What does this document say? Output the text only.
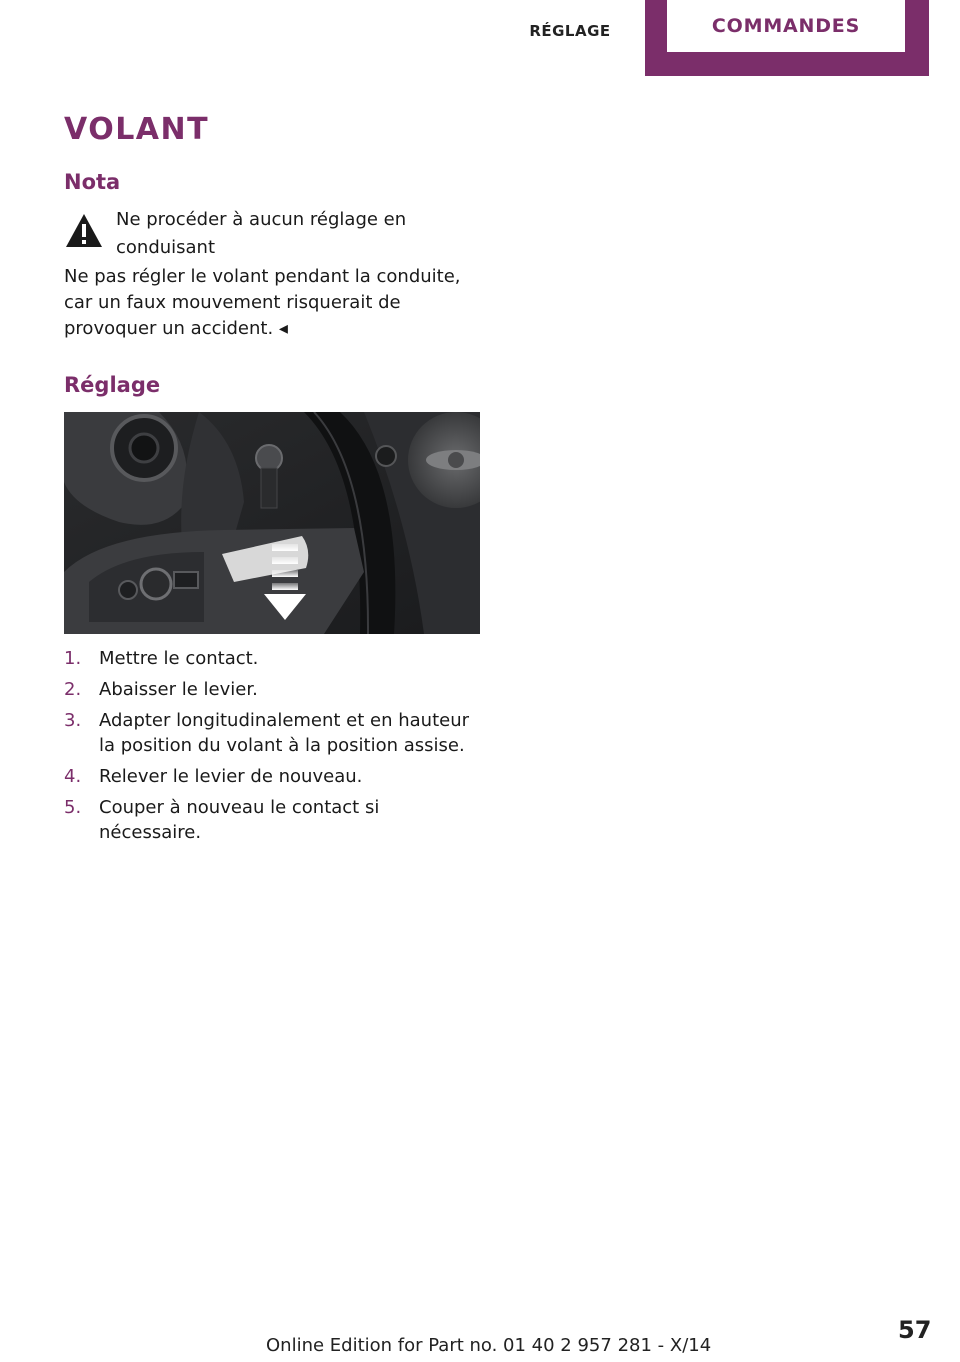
RÉGLAGE	COMMANDES
VOLANT
Nota
Ne procéder à aucun réglage en conduisant
Ne pas régler le volant pendant la conduite, car un faux mouvement risquerait de provoquer un accident. ◂
Réglage
1. Mettre le contact.
2. Abaisser le levier.
3. Adapter longitudinalement et en hauteur la position du volant à la position assise.
4. Relever le levier de nouveau.
5. Couper à nouveau le contact si nécessaire.
Online Edition for Part no. 01 40 2 957 281 - X/14
57
